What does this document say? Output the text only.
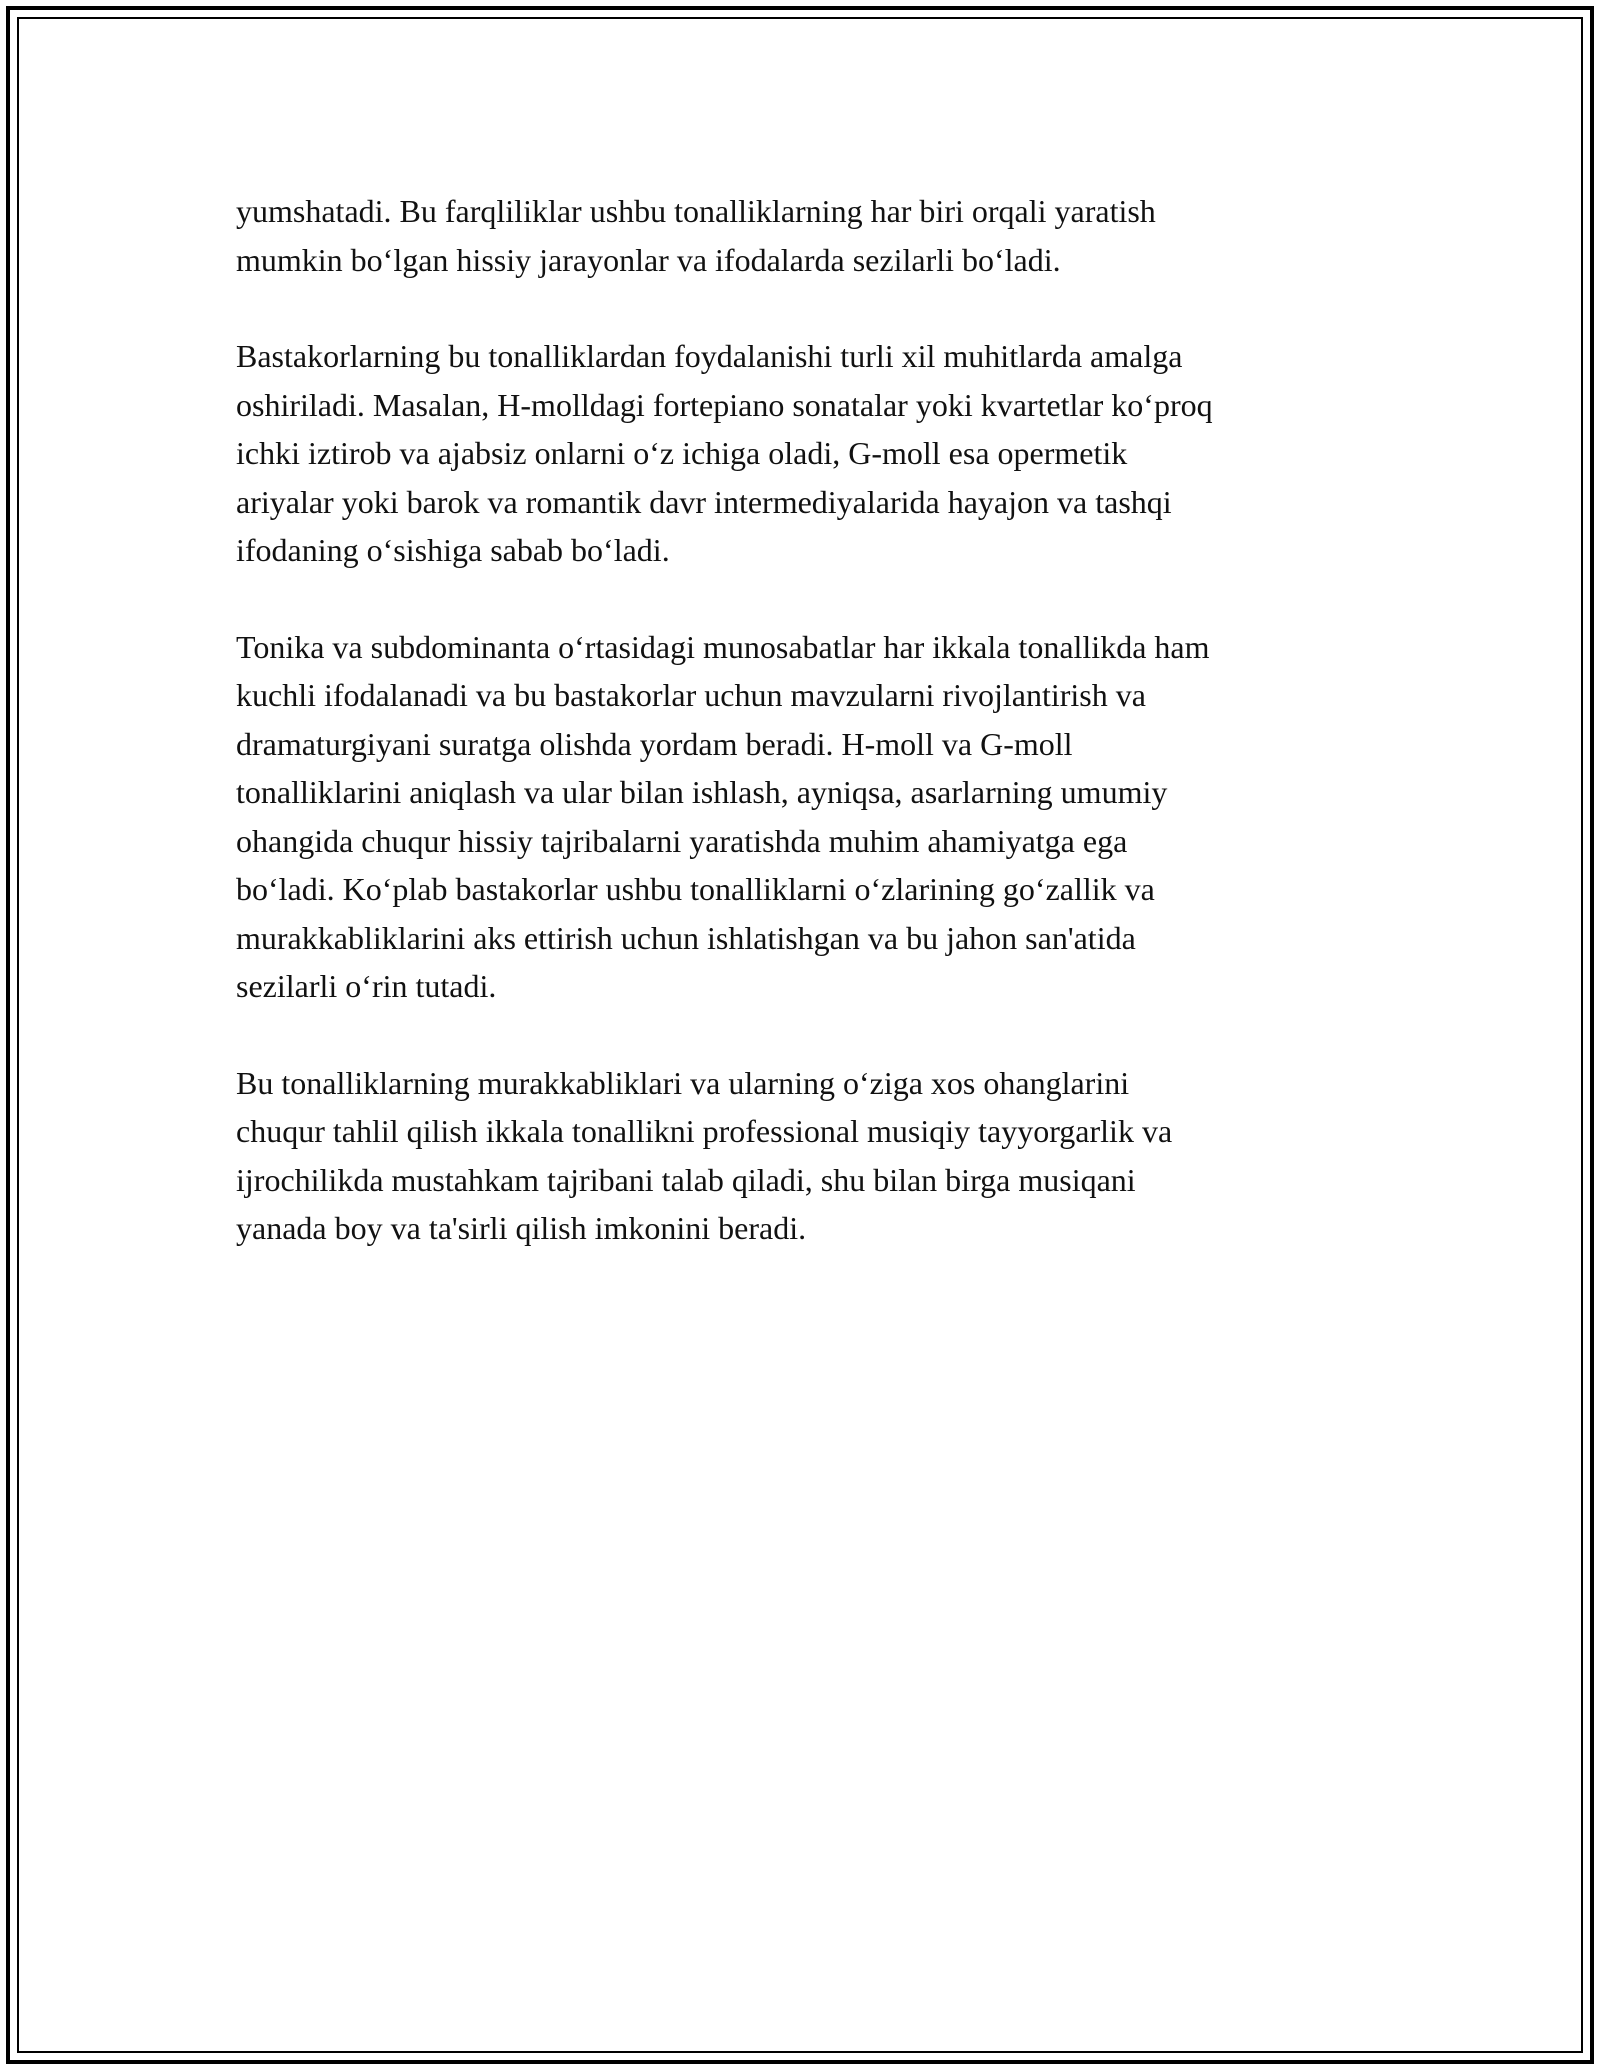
yumshatadi. Bu farqliliklar ushbu tonalliklarning har biri orqali yaratish
mumkin boʻlgan hissiy jarayonlar va ifodalarda sezilarli boʻladi.

Bastakorlarning bu tonalliklardan foydalanishi turli xil muhitlarda amalga
oshiriladi. Masalan, H-molldagi fortepiano sonatalar yoki kvartetlar koʻproq
ichki iztirob va ajabsiz onlarni oʻz ichiga oladi, G-moll esa opermetik
ariyalar yoki barok va romantik davr intermediyalarida hayajon va tashqi
ifodaning oʻsishiga sabab boʻladi.

Tonika va subdominanta oʻrtasidagi munosabatlar har ikkala tonallikda ham
kuchli ifodalanadi va bu bastakorlar uchun mavzularni rivojlantirish va
dramaturgiyani suratga olishda yordam beradi. H-moll va G-moll
tonalliklarini aniqlash va ular bilan ishlash, ayniqsa, asarlarning umumiy
ohangida chuqur hissiy tajribalarni yaratishda muhim ahamiyatga ega
boʻladi. Koʻplab bastakorlar ushbu tonalliklarni oʻzlarining goʻzallik va
murakkabliklarini aks ettirish uchun ishlatishgan va bu jahon san'atida
sezilarli oʻrin tutadi.

Bu tonalliklarning murakkabliklari va ularning oʻziga xos ohanglarini
chuqur tahlil qilish ikkala tonallikni professional musiqiy tayyorgarlik va
ijrochilikda mustahkam tajribani talab qiladi, shu bilan birga musiqani
yanada boy va ta'sirli qilish imkonini beradi.
